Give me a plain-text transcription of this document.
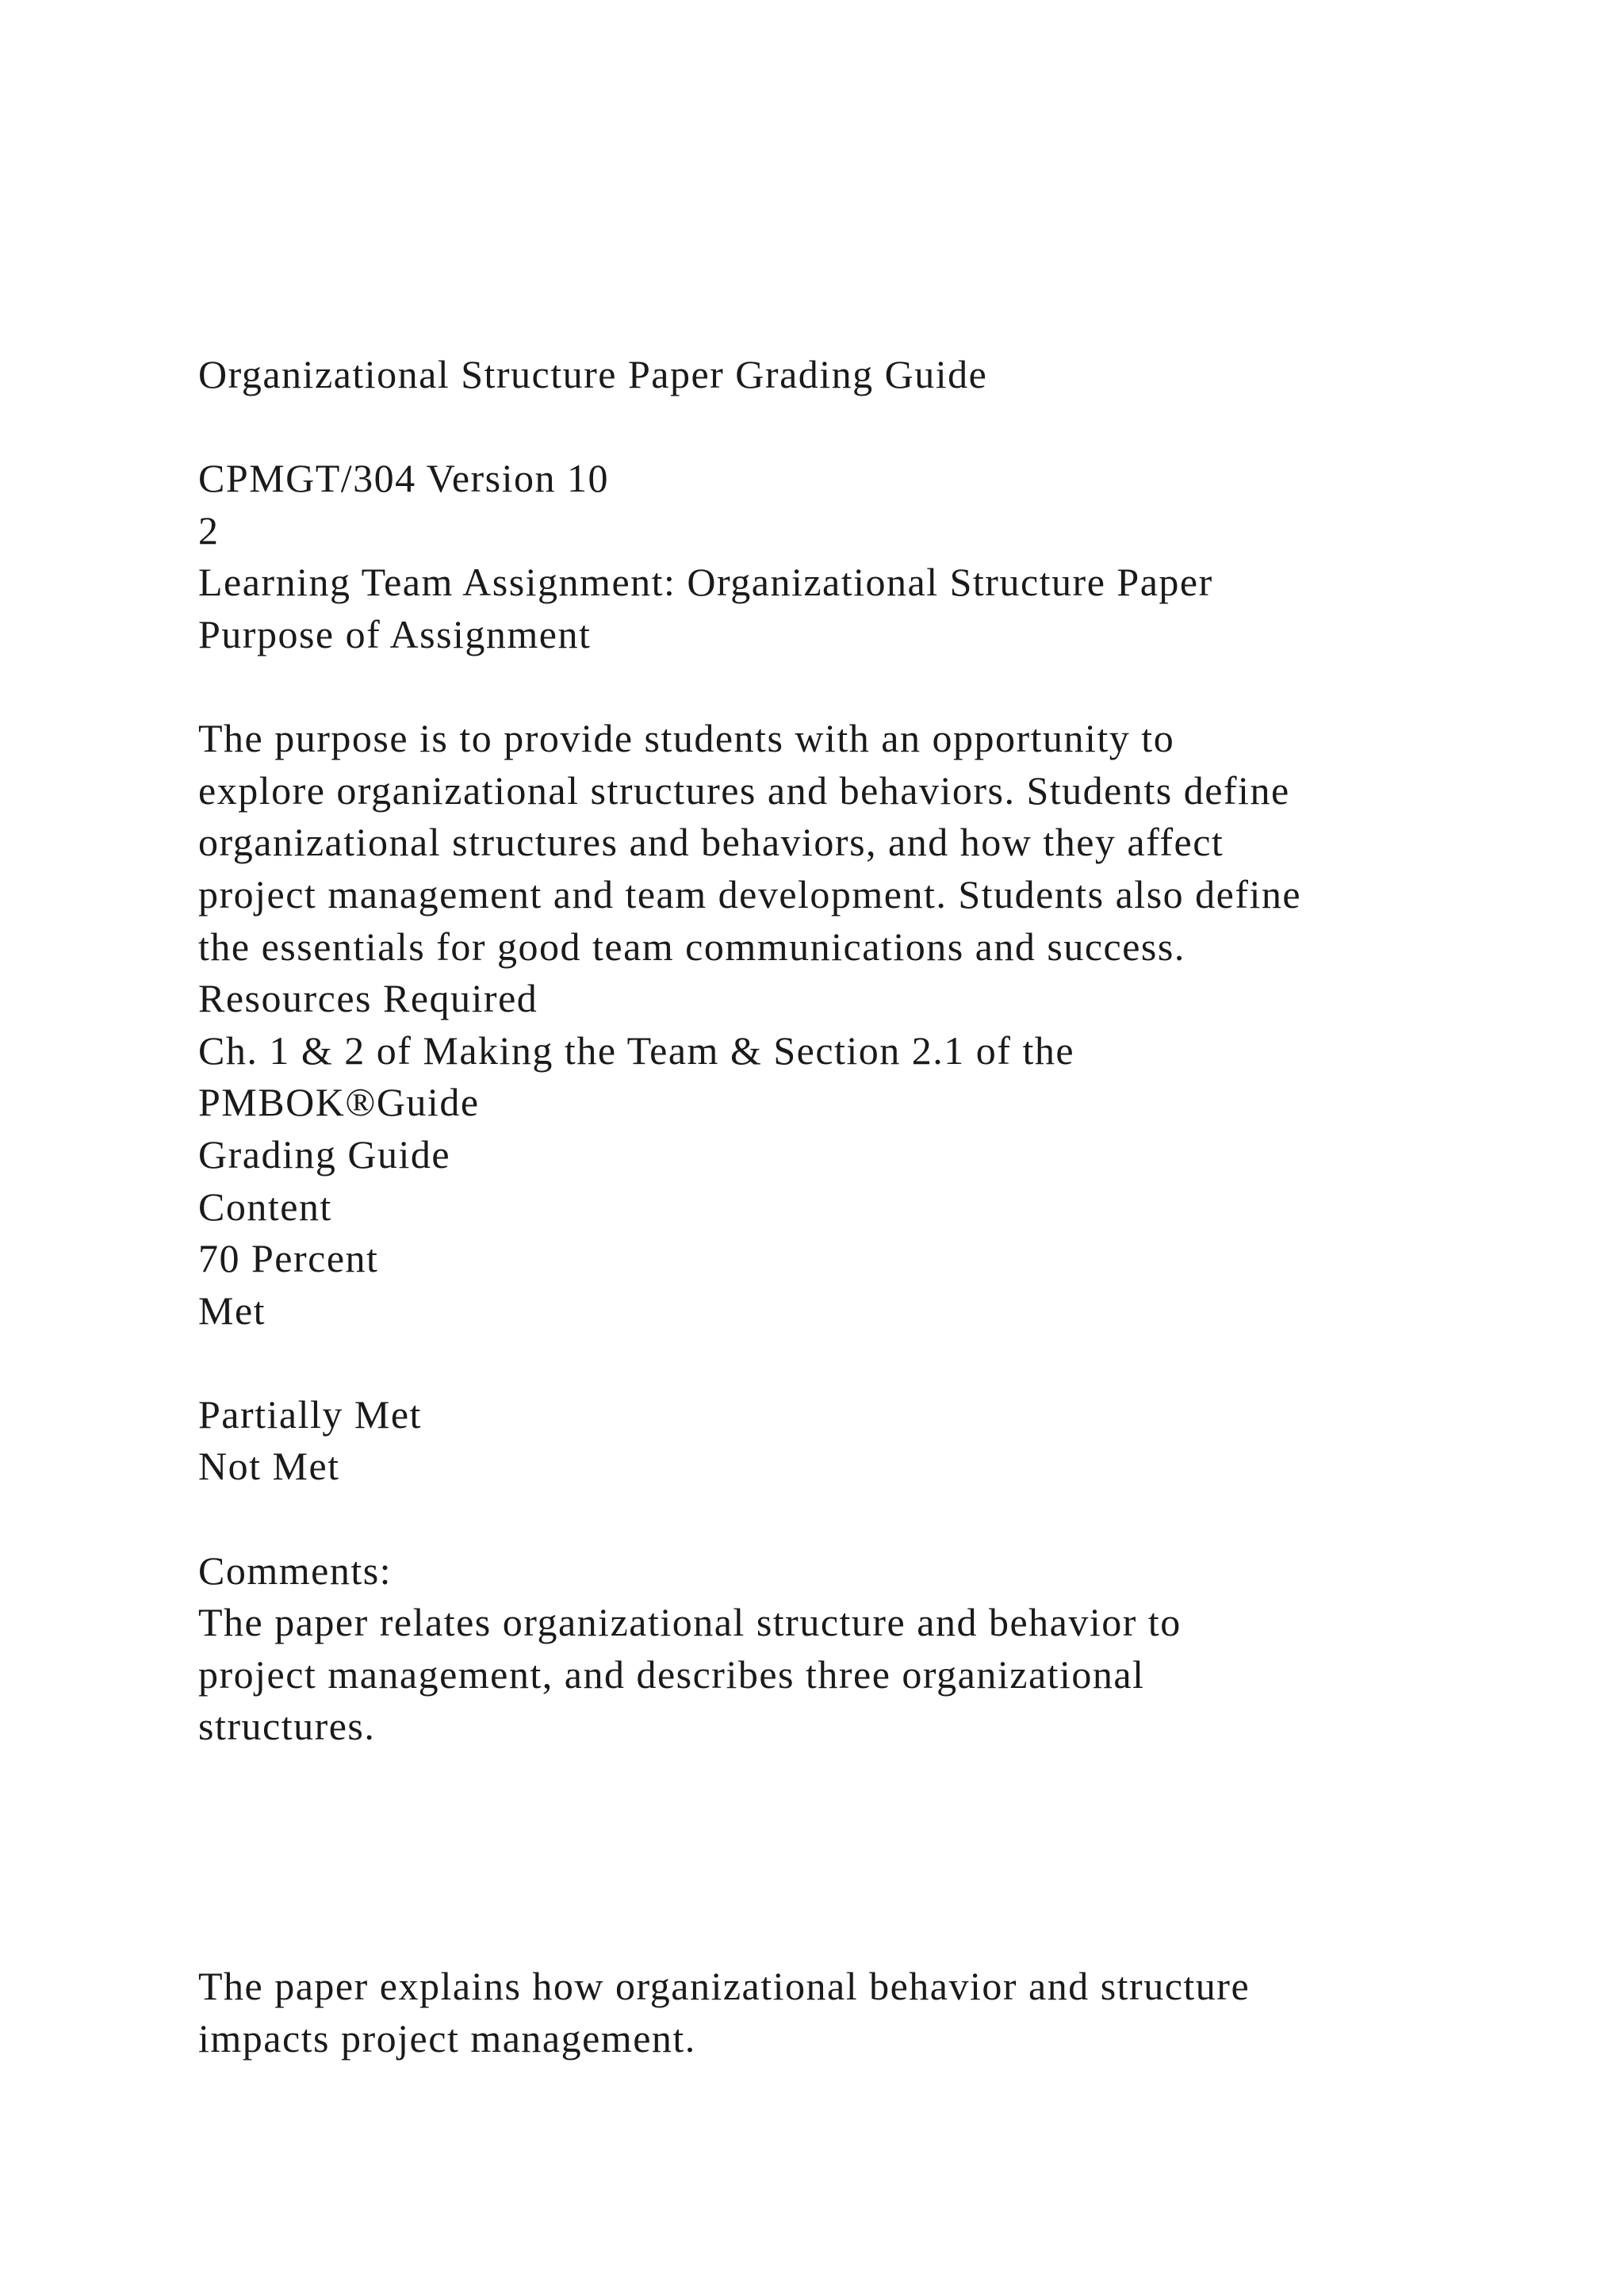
Organizational Structure Paper Grading Guide
CPMGT/304 Version 10
2
Learning Team Assignment: Organizational Structure Paper
Purpose of Assignment
The purpose is to provide students with an opportunity to
explore organizational structures and behaviors. Students define
organizational structures and behaviors, and how they affect
project management and team development. Students also define
the essentials for good team communications and success.
Resources Required
Ch. 1 & 2 of Making the Team & Section 2.1 of the
PMBOK®Guide
Grading Guide
Content
70 Percent
Met
Partially Met
Not Met
Comments:
The paper relates organizational structure and behavior to
project management, and describes three organizational
structures.
The paper explains how organizational behavior and structure
impacts project management.
